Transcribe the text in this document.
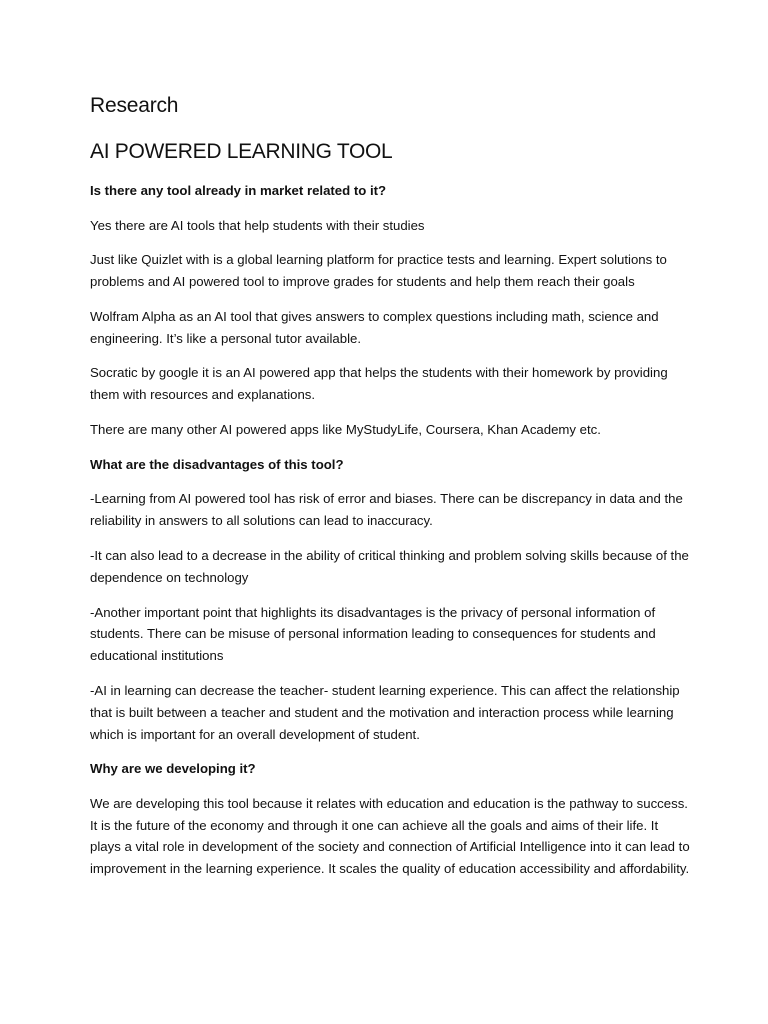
Research
AI POWERED LEARNING TOOL

Is there any tool already in market related to it?

Yes there are AI tools that help students with their studies

Just like Quizlet with is a global learning platform for practice tests and learning. Expert solutions to problems and AI powered tool to improve grades for students and help them reach their goals

Wolfram Alpha as an AI tool that gives answers to complex questions including math, science and engineering. It’s like a personal tutor available.

Socratic by google it is an AI powered app that helps the students with their homework by providing them with resources and explanations.

There are many other AI powered apps like MyStudyLife, Coursera, Khan Academy etc.

What are the disadvantages of this tool?

-Learning from AI powered tool has risk of error and biases. There can be discrepancy in data and the reliability in answers to all solutions can lead to inaccuracy.

-It can also lead to a decrease in the ability of critical thinking and problem solving skills because of the dependence on technology

-Another important point that highlights its disadvantages is the privacy of personal information of students. There can be misuse of personal information leading to consequences for students and educational institutions

-AI in learning can decrease the teacher- student learning experience. This can affect the relationship that is built between a teacher and student and the motivation and interaction process while learning which is important for an overall development of student.

Why are we developing it?

We are developing this tool because it relates with education and education is the pathway to success. It is the future of the economy and through it one can achieve all the goals and aims of their life. It plays a vital role in development of the society and connection of Artificial Intelligence into it can lead to improvement in the learning experience. It scales the quality of education accessibility and affordability.
